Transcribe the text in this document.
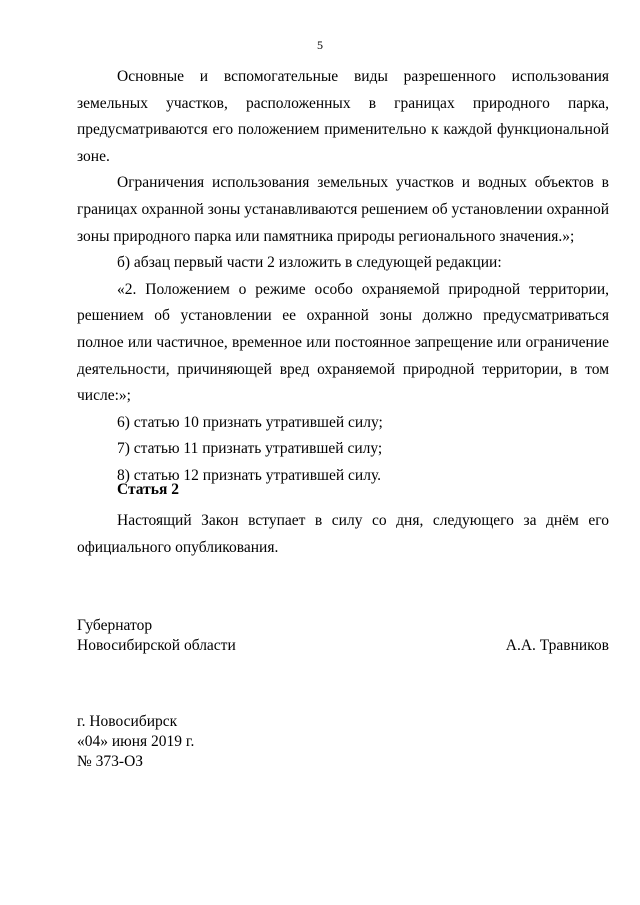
5

Основные и вспомогательные виды разрешенного использования земельных участков, расположенных в границах природного парка, предусматриваются его положением применительно к каждой функциональной зоне.

Ограничения использования земельных участков и водных объектов в границах охранной зоны устанавливаются решением об установлении охранной зоны природного парка или памятника природы регионального значения.»;

б) абзац первый части 2 изложить в следующей редакции:

«2. Положением о режиме особо охраняемой природной территории, решением об установлении ее охранной зоны должно предусматриваться полное или частичное, временное или постоянное запрещение или ограничение деятельности, причиняющей вред охраняемой природной территории, в том числе:»;

6) статью 10 признать утратившей силу;

7) статью 11 признать утратившей силу;

8) статью 12 признать утратившей силу.

Статья 2

Настоящий Закон вступает в силу со дня, следующего за днём его официального опубликования.

Губернатор
Новосибирской области	А.А. Травников
г. Новосибирск
«04» июня 2019 г.
№ 373-ОЗ
